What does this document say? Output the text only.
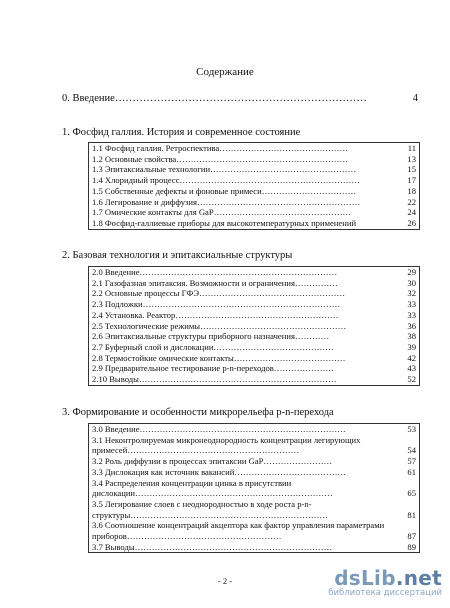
Содержание
0. Введение………………………………………………………………	4
1. Фосфид галлия. История и современное состояние
1.1 Фосфид галлия. Ретроспектива………………………………………	11
1.2 Основные свойства……………………………………………………	13
1.3 Эпитаксиальные технологии……………………………………………	15
1.4 Хлоридный процесс………………………………………………………	17
1.5 Собственные дефекты и фоновые примеси……………………………	18
1.6 Легирование и диффузия…………………………………………………	22
1.7 Омические контакты для GaP…………………………………………	24
1.8 Фосфид-галлиевые приборы для высокотемпературных применений	26
2. Базовая технология и эпитаксиальные структуры
2.0 Введение……………………………………………………………	29
2.1 Газофазная эпитаксия. Возможности и ограничения……………	30
2.2 Основные процессы ГФЭ……………………………………………	32
2.3 Подложки……………………………………………………………	33
2.4 Установка. Реактор…………………………………………………	33
2.5 Технологические режимы……………………………………………	36
2.6 Эпитаксиальные структуры приборного назначения…………	38
2.7 Буферный слой и дислокации……………………………………	39
2.8 Термостойкие омические контакты…………………………………	42
2.9 Предварительное тестирование p-n-переходов…………………	43
2.10 Выводы……………………………………………………………	52
3. Формирование и особенности микрорельефа p-n-перехода
3.0 Введение………………………………………………………………	53
3.1 Неконтролируемая микронеоднородность концентрации легирующих примесей……………………………………………………	54
3.2 Роль диффузии в процессах эпитаксии GaP……………………	57
3.3 Дислокация как источник вакансий…………………………………	61
3.4 Распределения концентрации цинка в присутствии дислокации……………………………………………………………	65
3.5 Легирование слоев с неоднородностью в ходе роста p-n-структуры……………………………………………………………	81
3.6 Соотношение концентраций акцептора как фактор управления параметрами приборов………………………………………………	87
3.7 Выводы……………………………………………………………	89
- 2 -	dsLib.net
библиотека диссертаций
